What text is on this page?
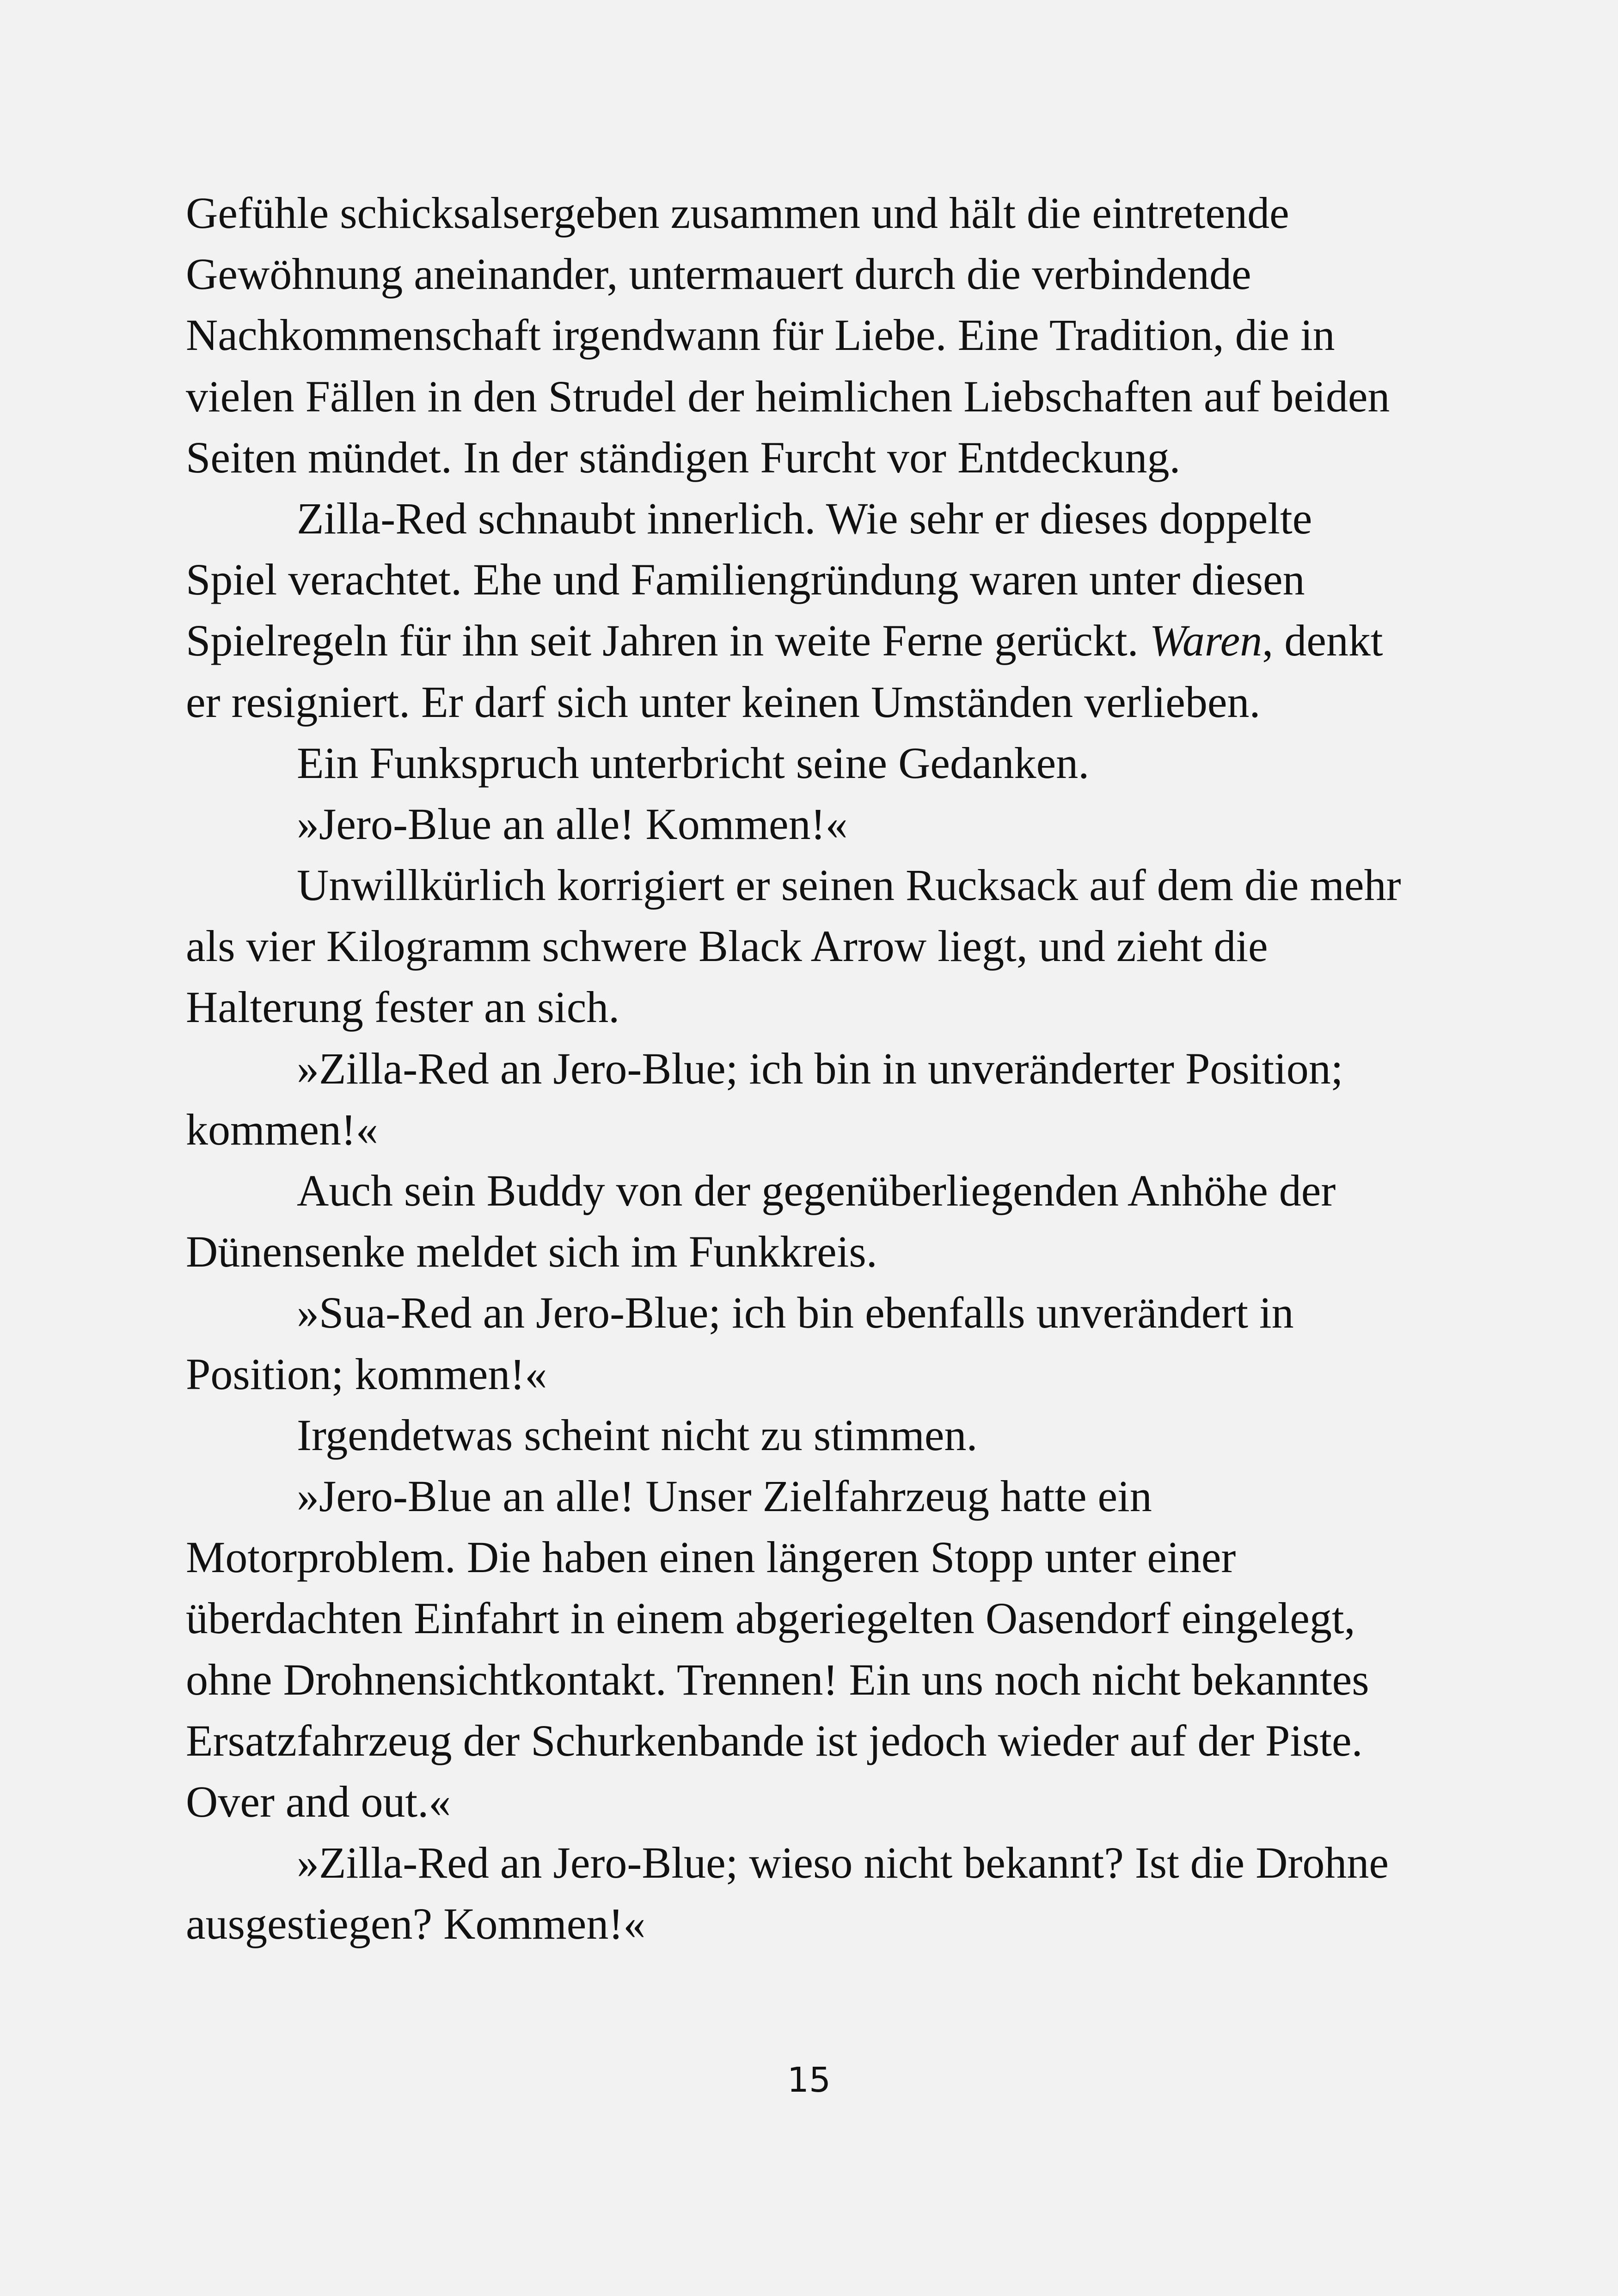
Gefühle schicksalsergeben zusammen und hält die eintretende
Gewöhnung aneinander, untermauert durch die verbindende
Nachkommenschaft irgendwann für Liebe. Eine Tradition, die in
vielen Fällen in den Strudel der heimlichen Liebschaften auf beiden
Seiten mündet. In der ständigen Furcht vor Entdeckung.
Zilla-Red schnaubt innerlich. Wie sehr er dieses doppelte
Spiel verachtet. Ehe und Familiengründung waren unter diesen
Spielregeln für ihn seit Jahren in weite Ferne gerückt. Waren, denkt
er resigniert. Er darf sich unter keinen Umständen verlieben.
Ein Funkspruch unterbricht seine Gedanken.
»Jero-Blue an alle! Kommen!«
Unwillkürlich korrigiert er seinen Rucksack auf dem die mehr
als vier Kilogramm schwere Black Arrow liegt, und zieht die
Halterung fester an sich.
»Zilla-Red an Jero-Blue; ich bin in unveränderter Position;
kommen!«
Auch sein Buddy von der gegenüberliegenden Anhöhe der
Dünensenke meldet sich im Funkkreis.
»Sua-Red an Jero-Blue; ich bin ebenfalls unverändert in
Position; kommen!«
Irgendetwas scheint nicht zu stimmen.
»Jero-Blue an alle! Unser Zielfahrzeug hatte ein
Motorproblem. Die haben einen längeren Stopp unter einer
überdachten Einfahrt in einem abgeriegelten Oasendorf eingelegt,
ohne Drohnensichtkontakt. Trennen! Ein uns noch nicht bekanntes
Ersatzfahrzeug der Schurkenbande ist jedoch wieder auf der Piste.
Over and out.«
»Zilla-Red an Jero-Blue; wieso nicht bekannt? Ist die Drohne
ausgestiegen? Kommen!«
15
